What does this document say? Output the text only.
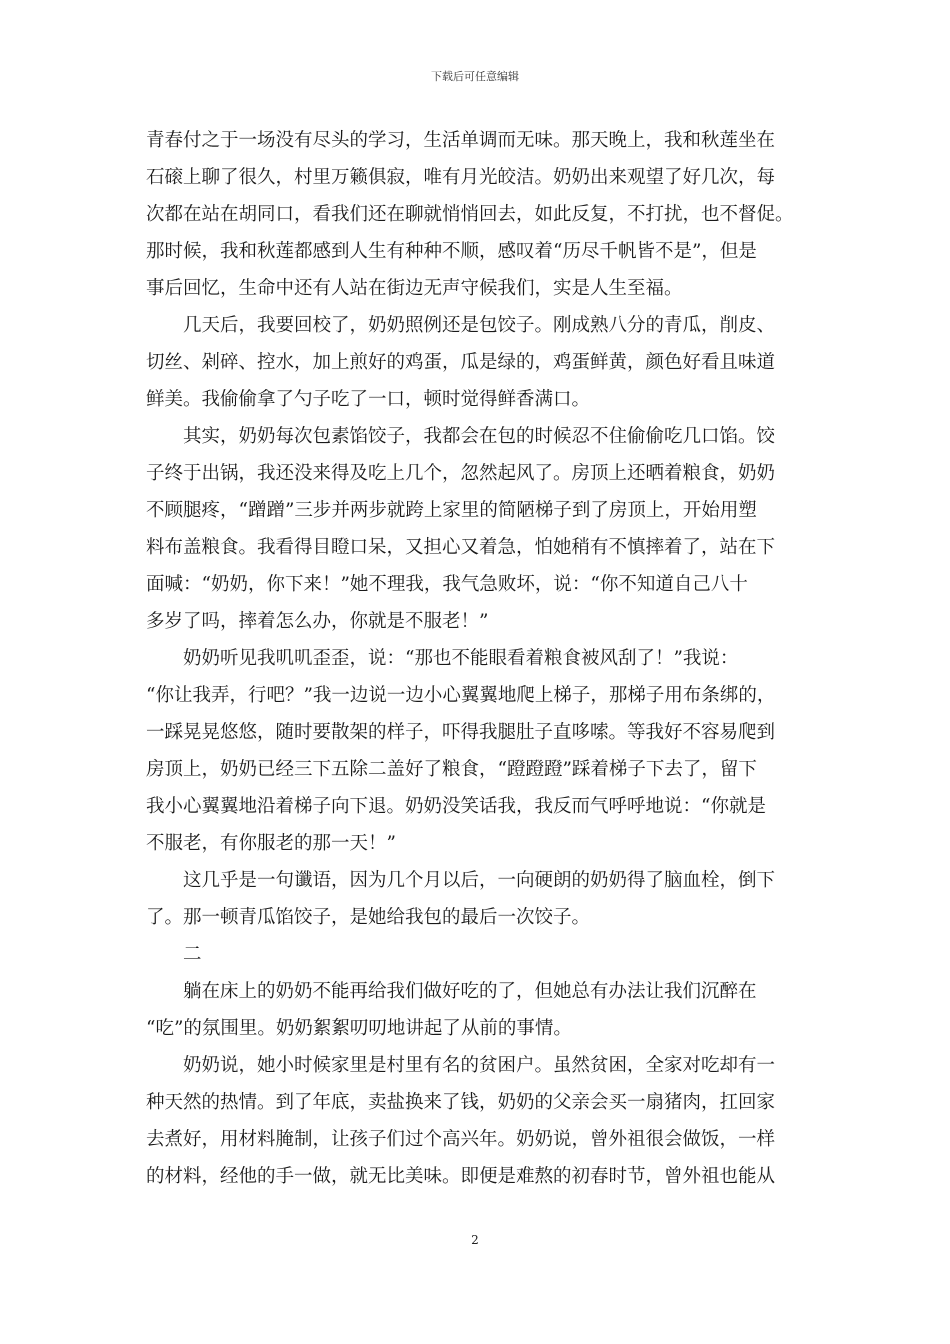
下载后可任意编辑

青春付之于一场没有尽头的学习，生活单调而无味。那天晚上，我和秋莲坐在
石磙上聊了很久，村里万籁俱寂，唯有月光皎洁。奶奶出来观望了好几次，每
次都在站在胡同口，看我们还在聊就悄悄回去，如此反复，不打扰，也不督促。
那时候，我和秋莲都感到人生有种种不顺，感叹着“历尽千帆皆不是”，但是
事后回忆，生命中还有人站在街边无声守候我们，实是人生至福。

几天后，我要回校了，奶奶照例还是包饺子。刚成熟八分的青瓜，削皮、
切丝、剁碎、控水，加上煎好的鸡蛋，瓜是绿的，鸡蛋鲜黄，颜色好看且味道
鲜美。我偷偷拿了勺子吃了一口，顿时觉得鲜香满口。

其实，奶奶每次包素馅饺子，我都会在包的时候忍不住偷偷吃几口馅。饺
子终于出锅，我还没来得及吃上几个，忽然起风了。房顶上还晒着粮食，奶奶
不顾腿疼，“蹭蹭”三步并两步就跨上家里的简陋梯子到了房顶上，开始用塑
料布盖粮食。我看得目瞪口呆，又担心又着急，怕她稍有不慎摔着了，站在下
面喊：“奶奶，你下来！”她不理我，我气急败坏，说：“你不知道自己八十
多岁了吗，摔着怎么办，你就是不服老！”

奶奶听见我叽叽歪歪，说：“那也不能眼看着粮食被风刮了！”我说：
“你让我弄，行吧？”我一边说一边小心翼翼地爬上梯子，那梯子用布条绑的，
一踩晃晃悠悠，随时要散架的样子，吓得我腿肚子直哆嗦。等我好不容易爬到
房顶上，奶奶已经三下五除二盖好了粮食，“蹬蹬蹬”踩着梯子下去了，留下
我小心翼翼地沿着梯子向下退。奶奶没笑话我，我反而气呼呼地说：“你就是
不服老，有你服老的那一天！”

这几乎是一句谶语，因为几个月以后，一向硬朗的奶奶得了脑血栓，倒下
了。那一顿青瓜馅饺子，是她给我包的最后一次饺子。

二

躺在床上的奶奶不能再给我们做好吃的了，但她总有办法让我们沉醉在
“吃”的氛围里。奶奶絮絮叨叨地讲起了从前的事情。

奶奶说，她小时候家里是村里有名的贫困户。虽然贫困，全家对吃却有一
种天然的热情。到了年底，卖盐换来了钱，奶奶的父亲会买一扇猪肉，扛回家
去煮好，用材料腌制，让孩子们过个高兴年。奶奶说，曾外祖很会做饭，一样
的材料，经他的手一做，就无比美味。即便是难熬的初春时节，曾外祖也能从

2
